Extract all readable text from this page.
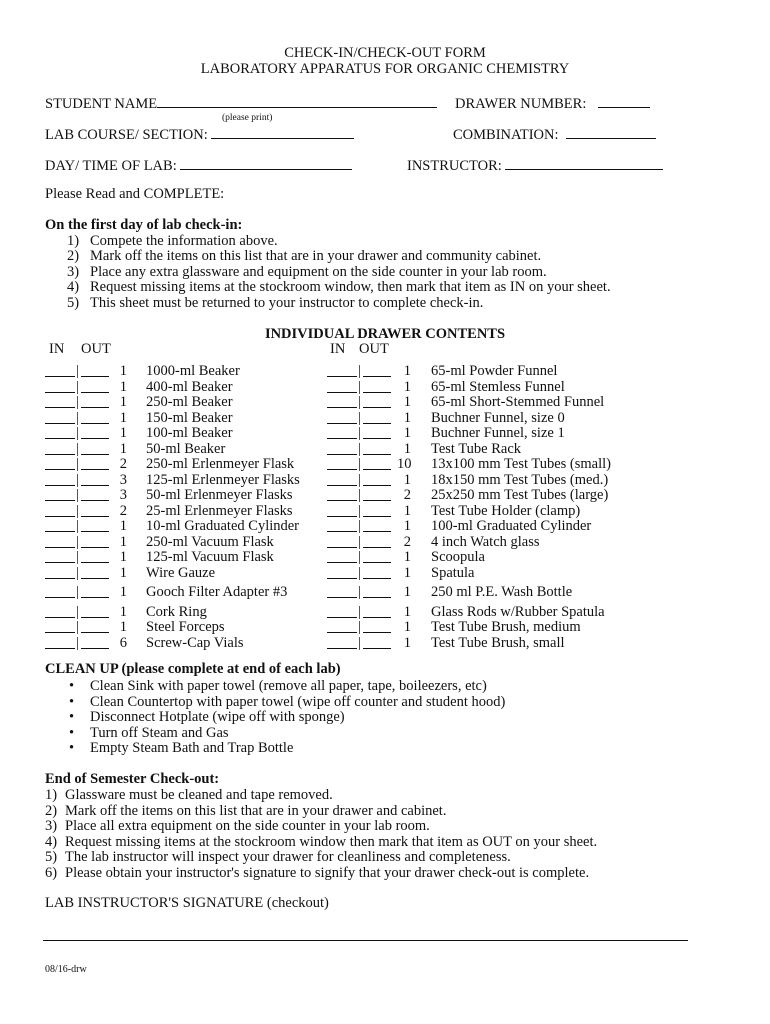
CHECK-IN/CHECK-OUT FORM
LABORATORY APPARATUS FOR ORGANIC CHEMISTRY
STUDENT NAME
(please print)
DRAWER NUMBER:
LAB COURSE/ SECTION:	COMBINATION:
DAY/ TIME OF LAB:	INSTRUCTOR:
Please Read and COMPLETE:
On the first day of lab check-in:
1) Compete the information above.
2) Mark off the items on this list that are in your drawer and community cabinet.
3) Place any extra glassware and equipment on the side counter in your lab room.
4) Request missing items at the stockroom window, then mark that item as IN on your sheet.
5) This sheet must be returned to your instructor to complete check-in.
INDIVIDUAL DRAWER CONTENTS
IN OUT	IN OUT
|	1 1000-ml Beaker
|	1 400-ml Beaker
|	1 250-ml Beaker
|	1 150-ml Beaker
|	1 100-ml Beaker
|	1 50-ml Beaker
|	2 250-ml Erlenmeyer Flask
|	3 125-ml Erlenmeyer Flasks
|	3 50-ml Erlenmeyer Flasks
|	2 25-ml Erlenmeyer Flasks
|	1 10-ml Graduated Cylinder
|	1 250-ml Vacuum Flask
|	1 125-ml Vacuum Flask
|	1 Wire Gauze
|	1 Gooch Filter Adapter #3
|	1 Cork Ring
|	1 Steel Forceps
|	6 Screw-Cap Vials
|	1 65-ml Powder Funnel
|	1 65-ml Stemless Funnel
|	1 65-ml Short-Stemmed Funnel
|	1 Buchner Funnel, size 0
|	1 Buchner Funnel, size 1
|	1 Test Tube Rack
| 10 13x100 mm Test Tubes (small)
|	1 18x150 mm Test Tubes (med.)
|	2 25x250 mm Test Tubes (large)
|	1 Test Tube Holder (clamp)
|	1 100-ml Graduated Cylinder
|	2 4 inch Watch glass
|	1 Scoopula
|	1 Spatula
|	1 250 ml P.E. Wash Bottle
|	1 Glass Rods w/Rubber Spatula
|	1 Test Tube Brush, medium
|	1 Test Tube Brush, small
CLEAN UP (please complete at end of each lab)
• Clean Sink with paper towel (remove all paper, tape, boileezers, etc)
• Clean Countertop with paper towel (wipe off counter and student hood)
• Disconnect Hotplate (wipe off with sponge)
• Turn off Steam and Gas
• Empty Steam Bath and Trap Bottle
End of Semester Check-out:
1) Glassware must be cleaned and tape removed.
2) Mark off the items on this list that are in your drawer and cabinet.
3) Place all extra equipment on the side counter in your lab room.
4) Request missing items at the stockroom window then mark that item as OUT on your sheet.
5) The lab instructor will inspect your drawer for cleanliness and completeness.
6) Please obtain your instructor's signature to signify that your drawer check-out is complete.
LAB INSTRUCTOR'S SIGNATURE (checkout)
08/16-drw
